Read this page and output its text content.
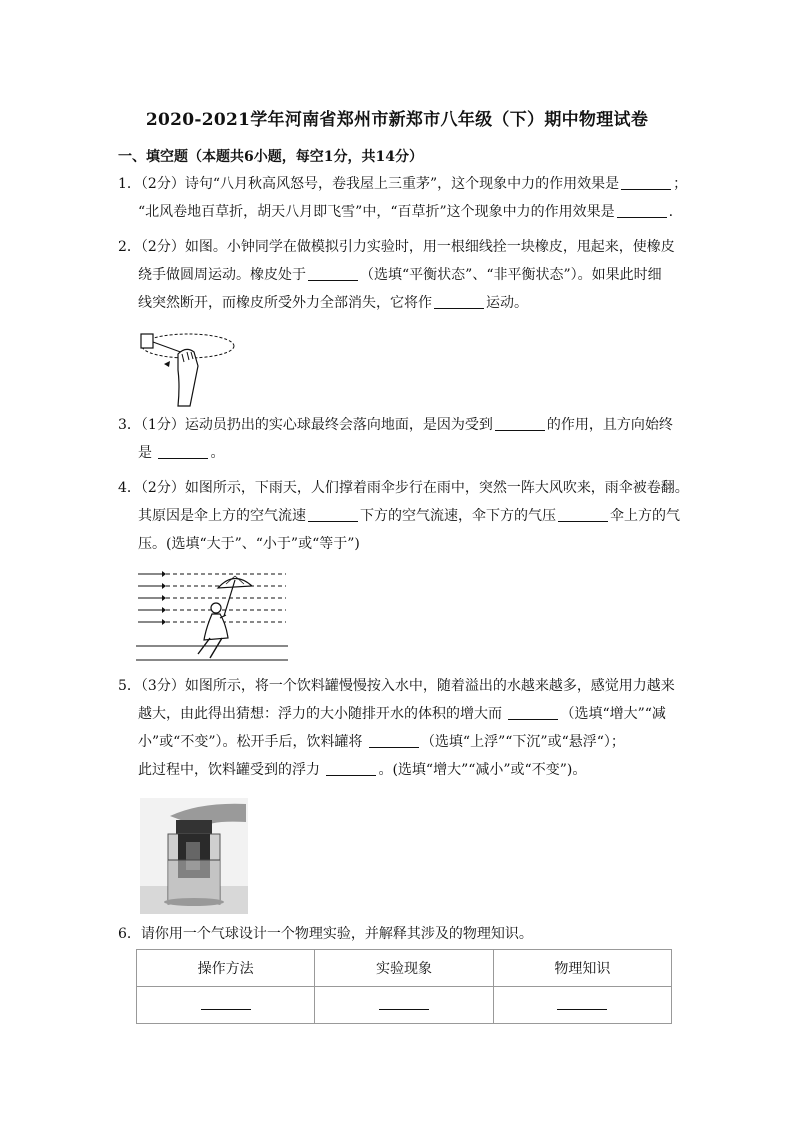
2020-2021学年河南省郑州市新郑市八年级（下）期中物理试卷
一、填空题（本题共6小题，每空1分，共14分）
1．（2分）诗句“八月秋高风怒号，卷我屋上三重茅”，这个现象中力的作用效果是	；
“北风卷地百草折，胡天八月即飞雪”中，“百草折”这个现象中力的作用效果是	.
2．（2分）如图。小钟同学在做模拟引力实验时，用一根细线拴一块橡皮，甩起来，使橡皮
绕手做圆周运动。橡皮处于	（选填“平衡状态”、“非平衡状态”）。如果此时细
线突然断开，而橡皮所受外力全部消失，它将作	运动。
3．（1分）运动员扔出的实心球最终会落向地面，是因为受到	的作用，且方向始终
是	。
4．（2分）如图所示，下雨天，人们撑着雨伞步行在雨中，突然一阵大风吹来，雨伞被卷翻。
其原因是伞上方的空气流速	下方的空气流速，伞下方的气压	伞上方的气
压。(选填“大于”、“小于”或“等于”)
5．（3分）如图所示，将一个饮料罐慢慢按入水中，随着溢出的水越来越多，感觉用力越来
越大，由此得出猜想：浮力的大小随排开水的体积的增大而	（选填“增大”“减
小”或“不变”）。松开手后，饮料罐将	（选填“上浮”“下沉”或“悬浮“）；
此过程中，饮料罐受到的浮力	。(选填“增大”“减小”或“不变”)。
6．请你用一个气球设计一个物理实验，并解释其涉及的物理知识。
操作方法	实验现象	物理知识
